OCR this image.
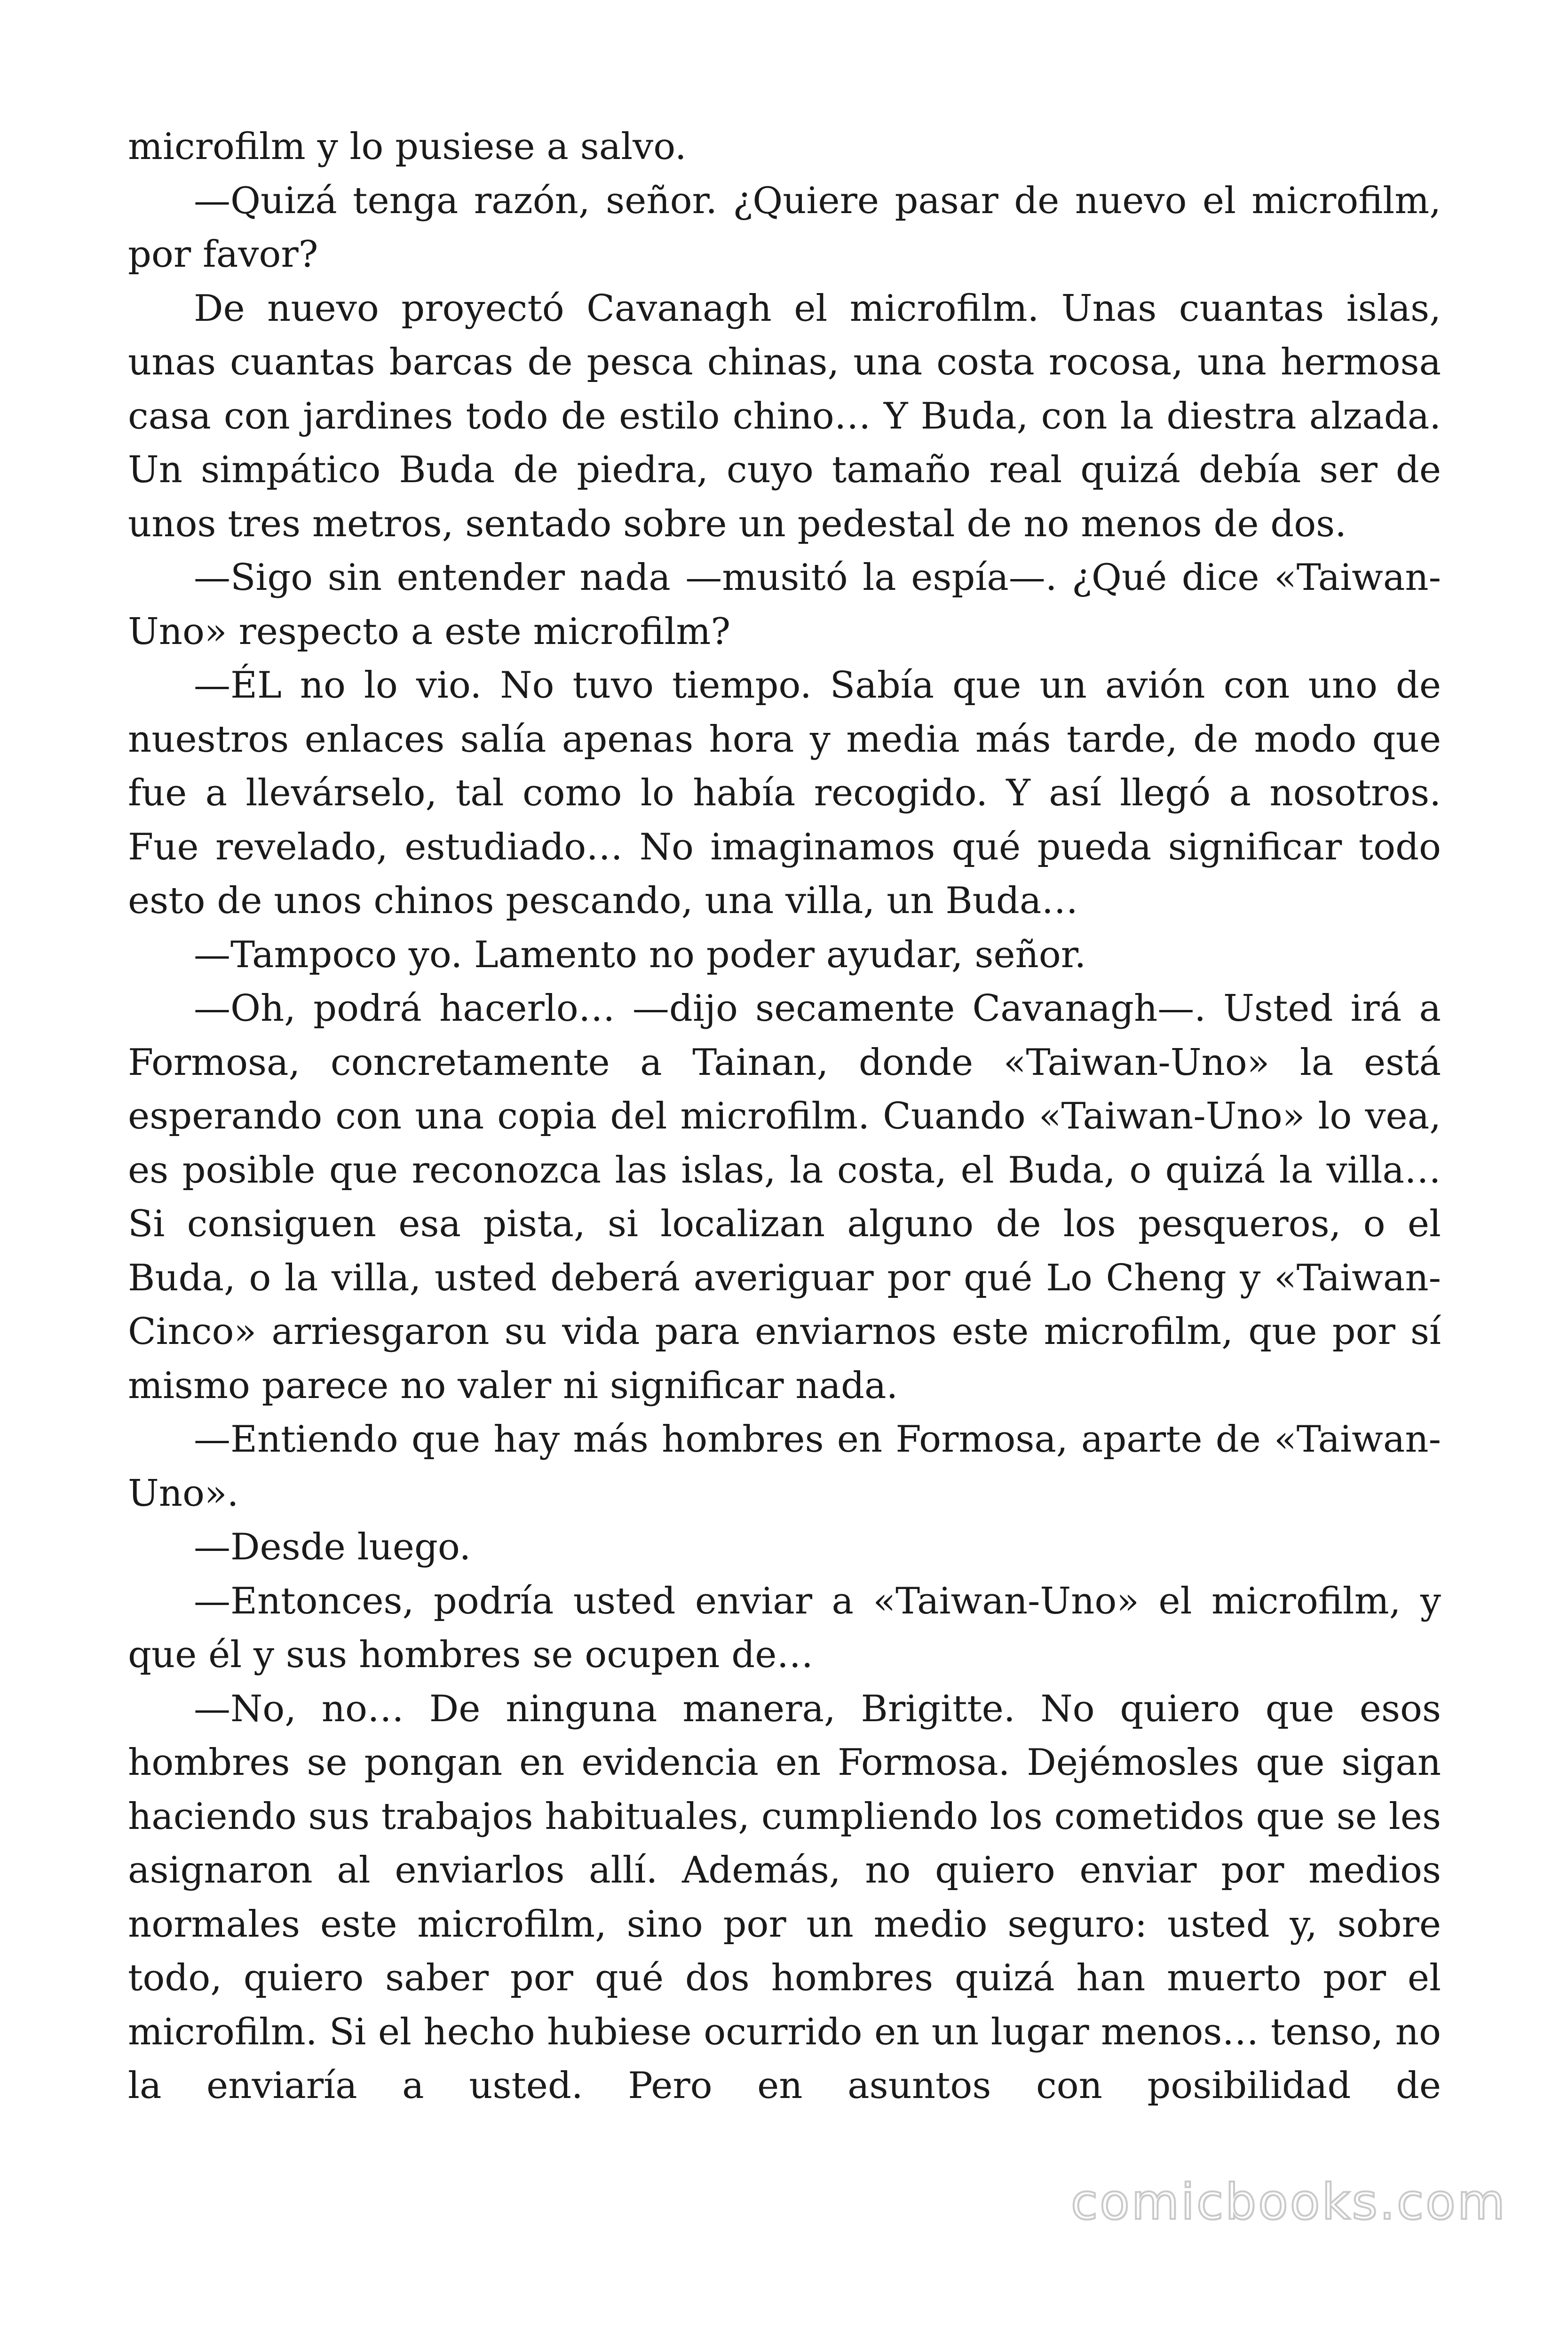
microfilm y lo pusiese a salvo.

—Quizá tenga razón, señor. ¿Quiere pasar de nuevo el microfilm, por favor?

De nuevo proyectó Cavanagh el microfilm. Unas cuantas islas, unas cuantas barcas de pesca chinas, una costa rocosa, una hermosa casa con jardines todo de estilo chino… Y Buda, con la diestra alzada. Un simpático Buda de piedra, cuyo tamaño real quizá debía ser de unos tres metros, sentado sobre un pedestal de no menos de dos.

—Sigo sin entender nada —musitó la espía—. ¿Qué dice «Taiwan-Uno» respecto a este microfilm?

—ÉL no lo vio. No tuvo tiempo. Sabía que un avión con uno de nuestros enlaces salía apenas hora y media más tarde, de modo que fue a llevárselo, tal como lo había recogido. Y así llegó a nosotros. Fue revelado, estudiado… No imaginamos qué pueda significar todo esto de unos chinos pescando, una villa, un Buda…

—Tampoco yo. Lamento no poder ayudar, señor.

—Oh, podrá hacerlo… —dijo secamente Cavanagh—. Usted irá a Formosa, concretamente a Tainan, donde «Taiwan-Uno» la está esperando con una copia del microfilm. Cuando «Taiwan-Uno» lo vea, es posible que reconozca las islas, la costa, el Buda, o quizá la villa… Si consiguen esa pista, si localizan alguno de los pesqueros, o el Buda, o la villa, usted deberá averiguar por qué Lo Cheng y «Taiwan-Cinco» arriesgaron su vida para enviarnos este microfilm, que por sí mismo parece no valer ni significar nada.

—Entiendo que hay más hombres en Formosa, aparte de «Taiwan-Uno».

—Desde luego.

—Entonces, podría usted enviar a «Taiwan-Uno» el microfilm, y que él y sus hombres se ocupen de…

—No, no… De ninguna manera, Brigitte. No quiero que esos hombres se pongan en evidencia en Formosa. Dejémosles que sigan haciendo sus trabajos habituales, cumpliendo los cometidos que se les asignaron al enviarlos allí. Además, no quiero enviar por medios normales este microfilm, sino por un medio seguro: usted y, sobre todo, quiero saber por qué dos hombres quizá han muerto por el microfilm. Si el hecho hubiese ocurrido en un lugar menos… tenso, no la enviaría a usted. Pero en asuntos con posibilidad de

comicbooks.com
